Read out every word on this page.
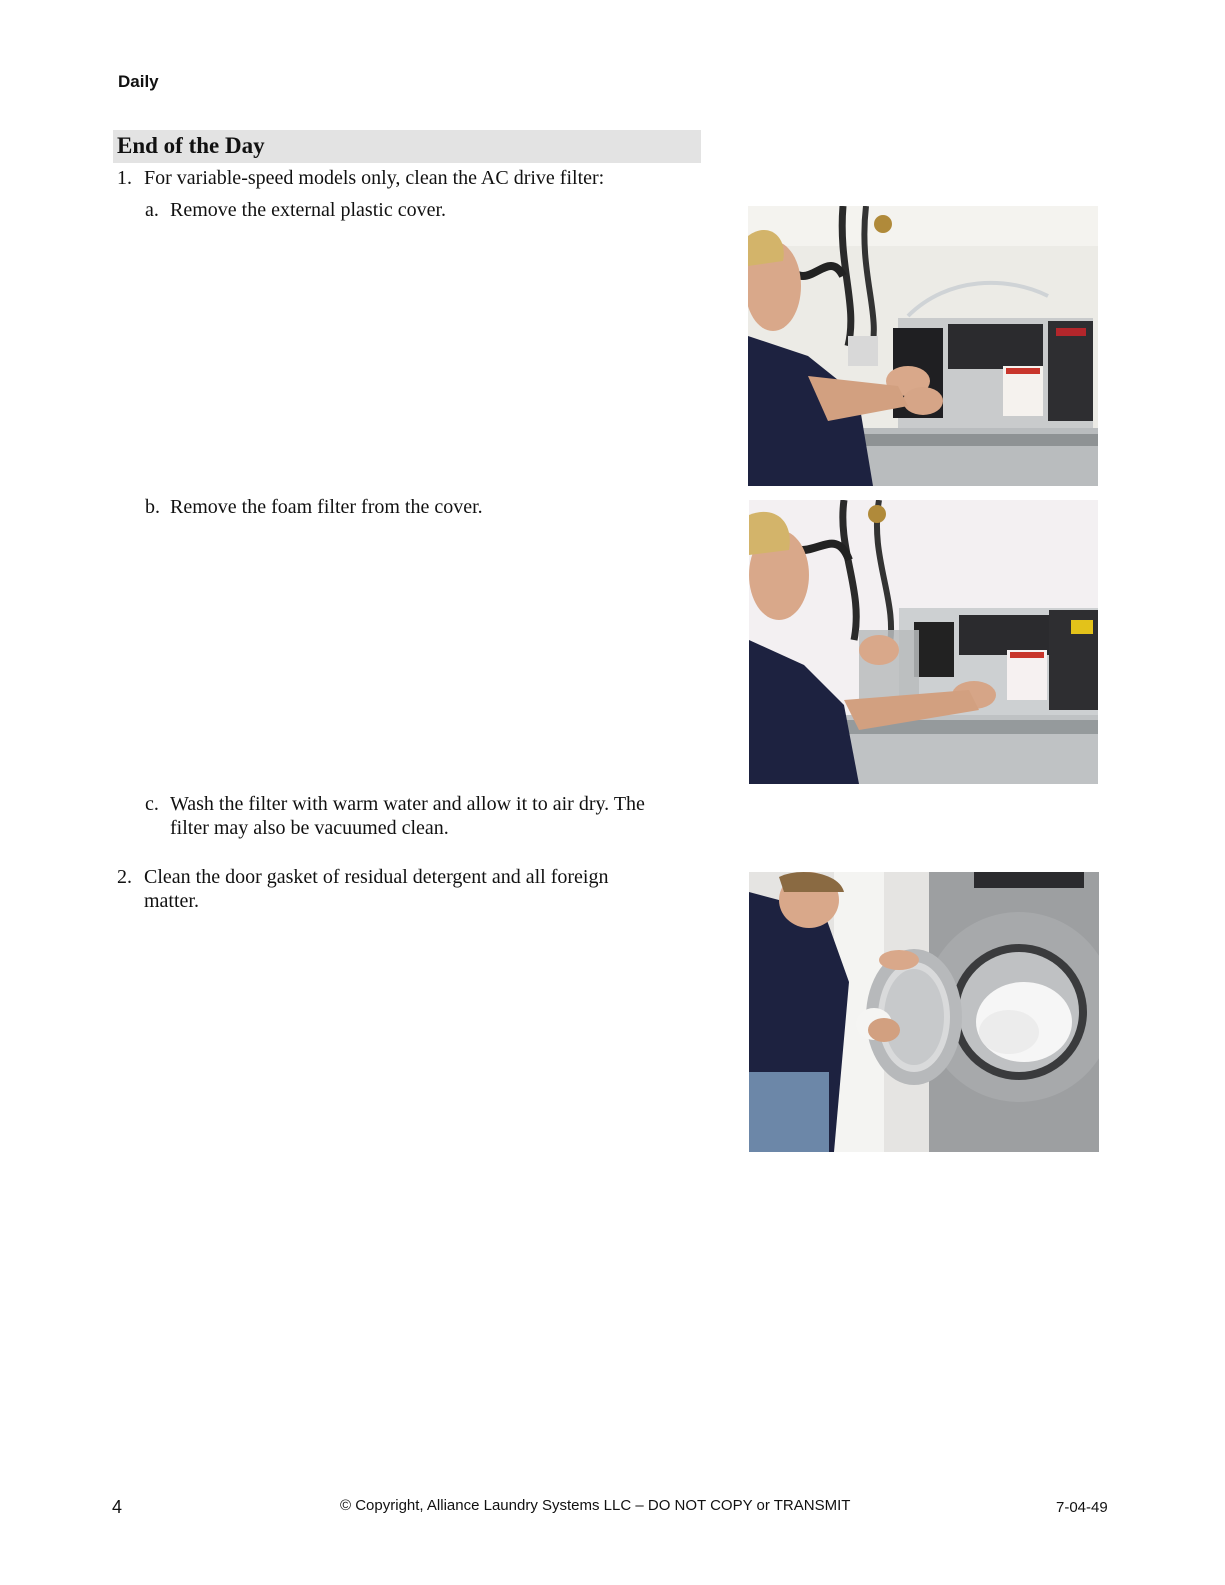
Daily
End of the Day
1. For variable-speed models only, clean the AC drive filter:
a. Remove the external plastic cover.
b. Remove the foam filter from the cover.
c. Wash the filter with warm water and allow it to air dry. The
filter may also be vacuumed clean.
2. Clean the door gasket of residual detergent and all foreign
matter.
4	© Copyright, Alliance Laundry Systems LLC – DO NOT COPY or TRANSMIT	7-04-49
